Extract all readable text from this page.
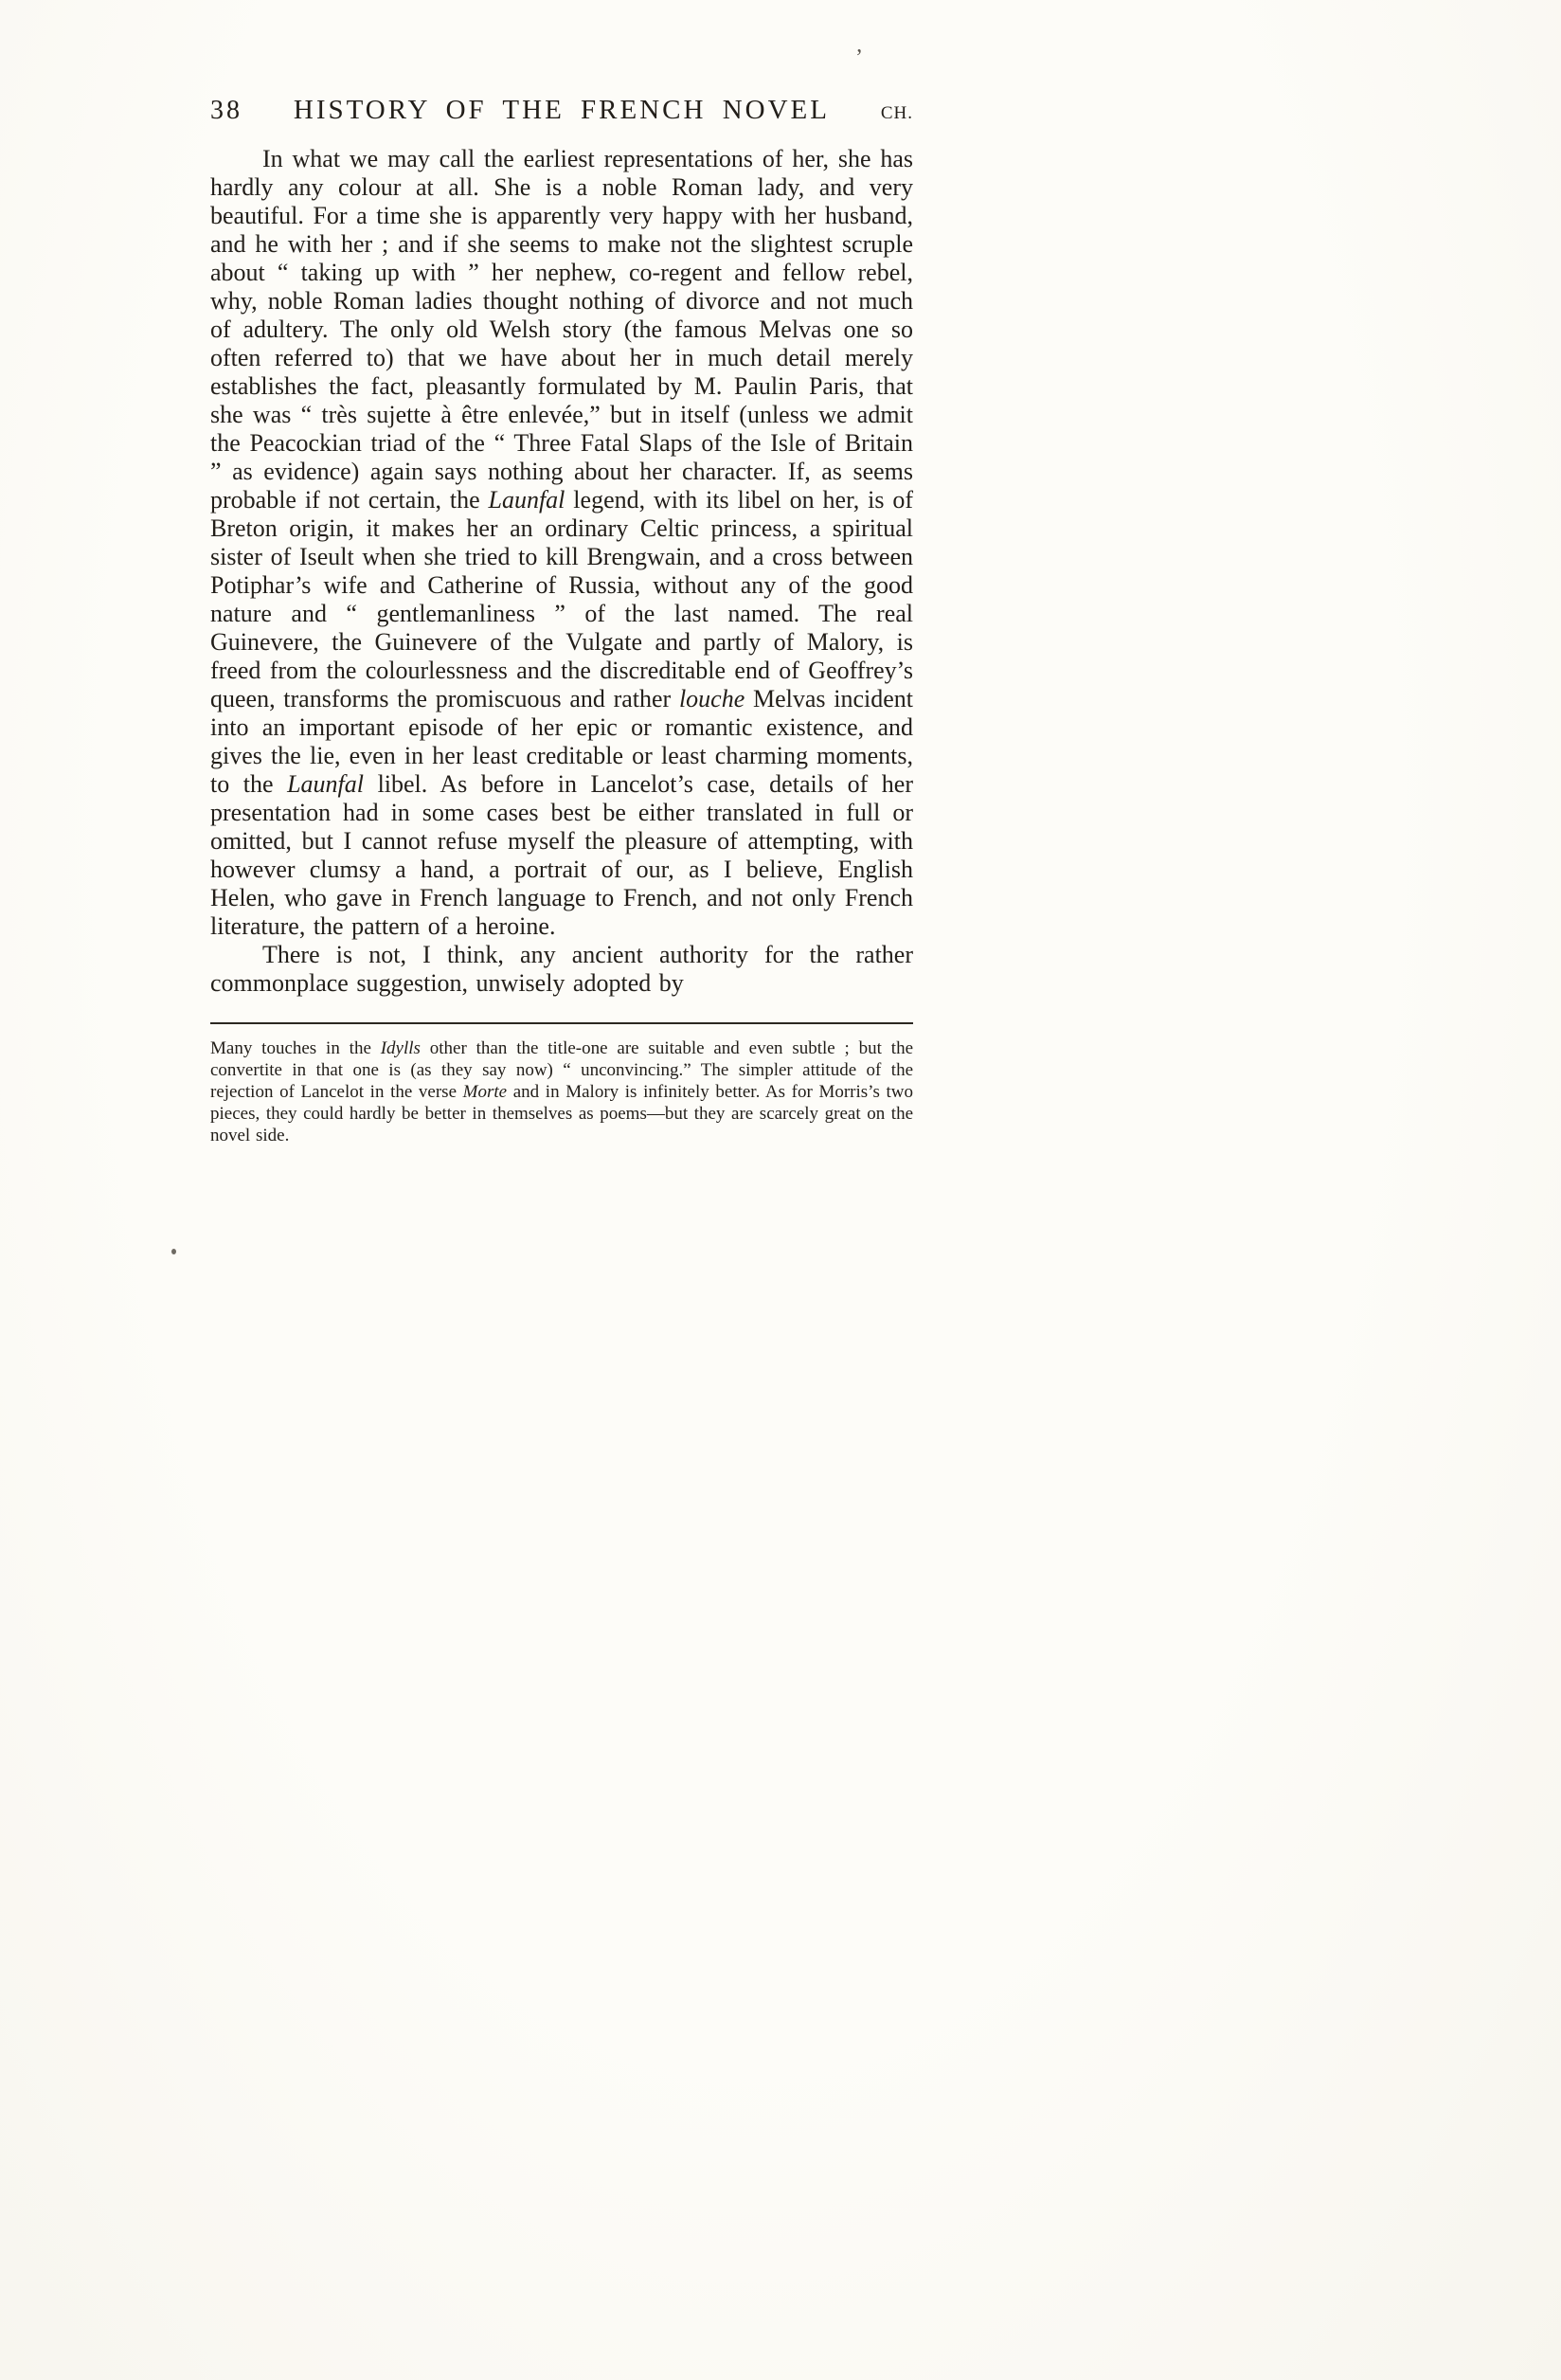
’
38	HISTORY OF THE FRENCH NOVEL	CH.

In what we may call the earliest representations of her, she has hardly any colour at all. She is a noble Roman lady, and very beautiful. For a time she is apparently very happy with her husband, and he with her ; and if she seems to make not the slightest scruple about “ taking up with ” her nephew, co-regent and fellow rebel, why, noble Roman ladies thought nothing of divorce and not much of adultery. The only old Welsh story (the famous Melvas one so often referred to) that we have about her in much detail merely establishes the fact, pleasantly formulated by M. Paulin Paris, that she was “ très sujette à être enlevée,” but in itself (unless we admit the Peacockian triad of the “ Three Fatal Slaps of the Isle of Britain ” as evidence) again says nothing about her character. If, as seems probable if not certain, the Launfal legend, with its libel on her, is of Breton origin, it makes her an ordinary Celtic princess, a spiritual sister of Iseult when she tried to kill Brengwain, and a cross between Potiphar’s wife and Catherine of Russia, without any of the good nature and “ gentlemanliness ” of the last named. The real Guinevere, the Guinevere of the Vulgate and partly of Malory, is freed from the colourlessness and the discreditable end of Geoffrey’s queen, transforms the promiscuous and rather louche Melvas incident into an important episode of her epic or romantic existence, and gives the lie, even in her least creditable or least charming moments, to the Launfal libel. As before in Lancelot’s case, details of her presentation had in some cases best be either translated in full or omitted, but I cannot refuse myself the pleasure of attempting, with however clumsy a hand, a portrait of our, as I believe, English Helen, who gave in French language to French, and not only French literature, the pattern of a heroine.

There is not, I think, any ancient authority for the rather commonplace suggestion, unwisely adopted by

Many touches in the Idylls other than the title-one are suitable and even subtle ; but the convertite in that one is (as they say now) “ unconvincing.” The simpler attitude of the rejection of Lancelot in the verse Morte and in Malory is infinitely better. As for Morris’s two pieces, they could hardly be better in themselves as poems—but they are scarcely great on the novel side.
